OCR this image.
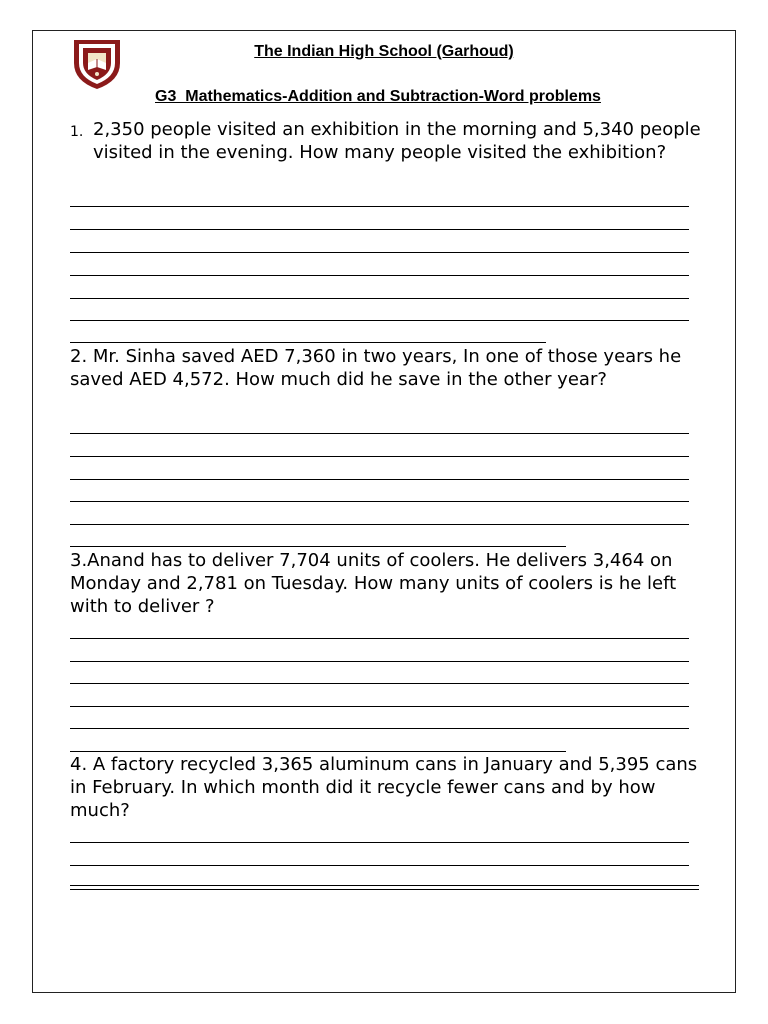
The Indian High School (Garhoud)
G3  Mathematics-Addition and Subtraction-Word problems
1. 2,350 people visited an exhibition in the morning and 5,340 people visited in the evening. How many people visited the exhibition?
2. Mr. Sinha saved AED 7,360 in two years, In one of those years he saved AED 4,572. How much did he save in the other year?
3.Anand has to deliver 7,704 units of coolers. He delivers 3,464 on Monday and 2,781 on Tuesday. How many units of coolers is he left with to deliver ?
4. A factory recycled 3,365 aluminum cans in January and 5,395 cans in February. In which month did it recycle fewer cans and by how much?
